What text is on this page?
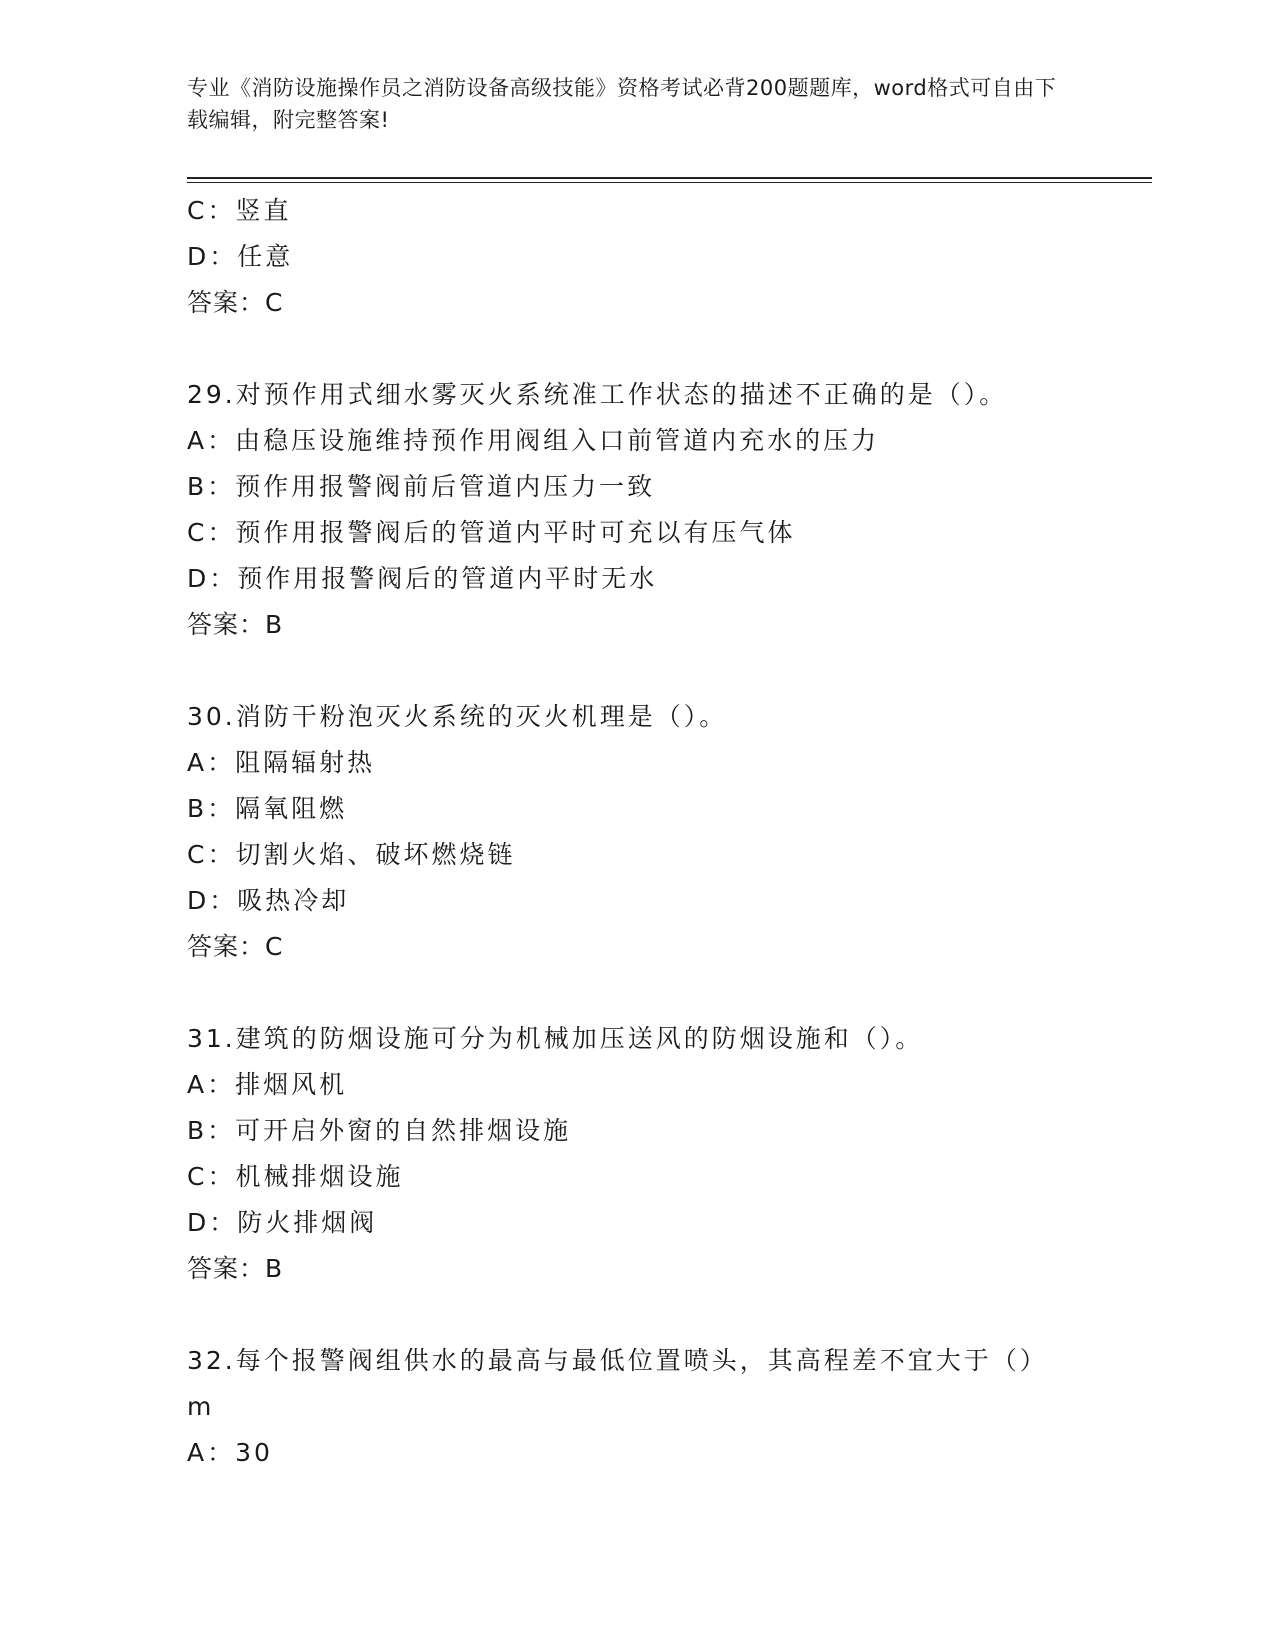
专业《消防设施操作员之消防设备高级技能》资格考试必背200题题库，word格式可自由下载编辑，附完整答案!
C：竖直
D：任意
答案：C
29.对预作用式细水雾灭火系统准工作状态的描述不正确的是（）。
A：由稳压设施维持预作用阀组入口前管道内充水的压力
B：预作用报警阀前后管道内压力一致
C：预作用报警阀后的管道内平时可充以有压气体
D：预作用报警阀后的管道内平时无水
答案：B
30.消防干粉泡灭火系统的灭火机理是（）。
A：阻隔辐射热
B：隔氧阻燃
C：切割火焰、破坏燃烧链
D：吸热冷却
答案：C
31.建筑的防烟设施可分为机械加压送风的防烟设施和（）。
A：排烟风机
B：可开启外窗的自然排烟设施
C：机械排烟设施
D：防火排烟阀
答案：B
32.每个报警阀组供水的最高与最低位置喷头，其高程差不宜大于（）m
A：30
